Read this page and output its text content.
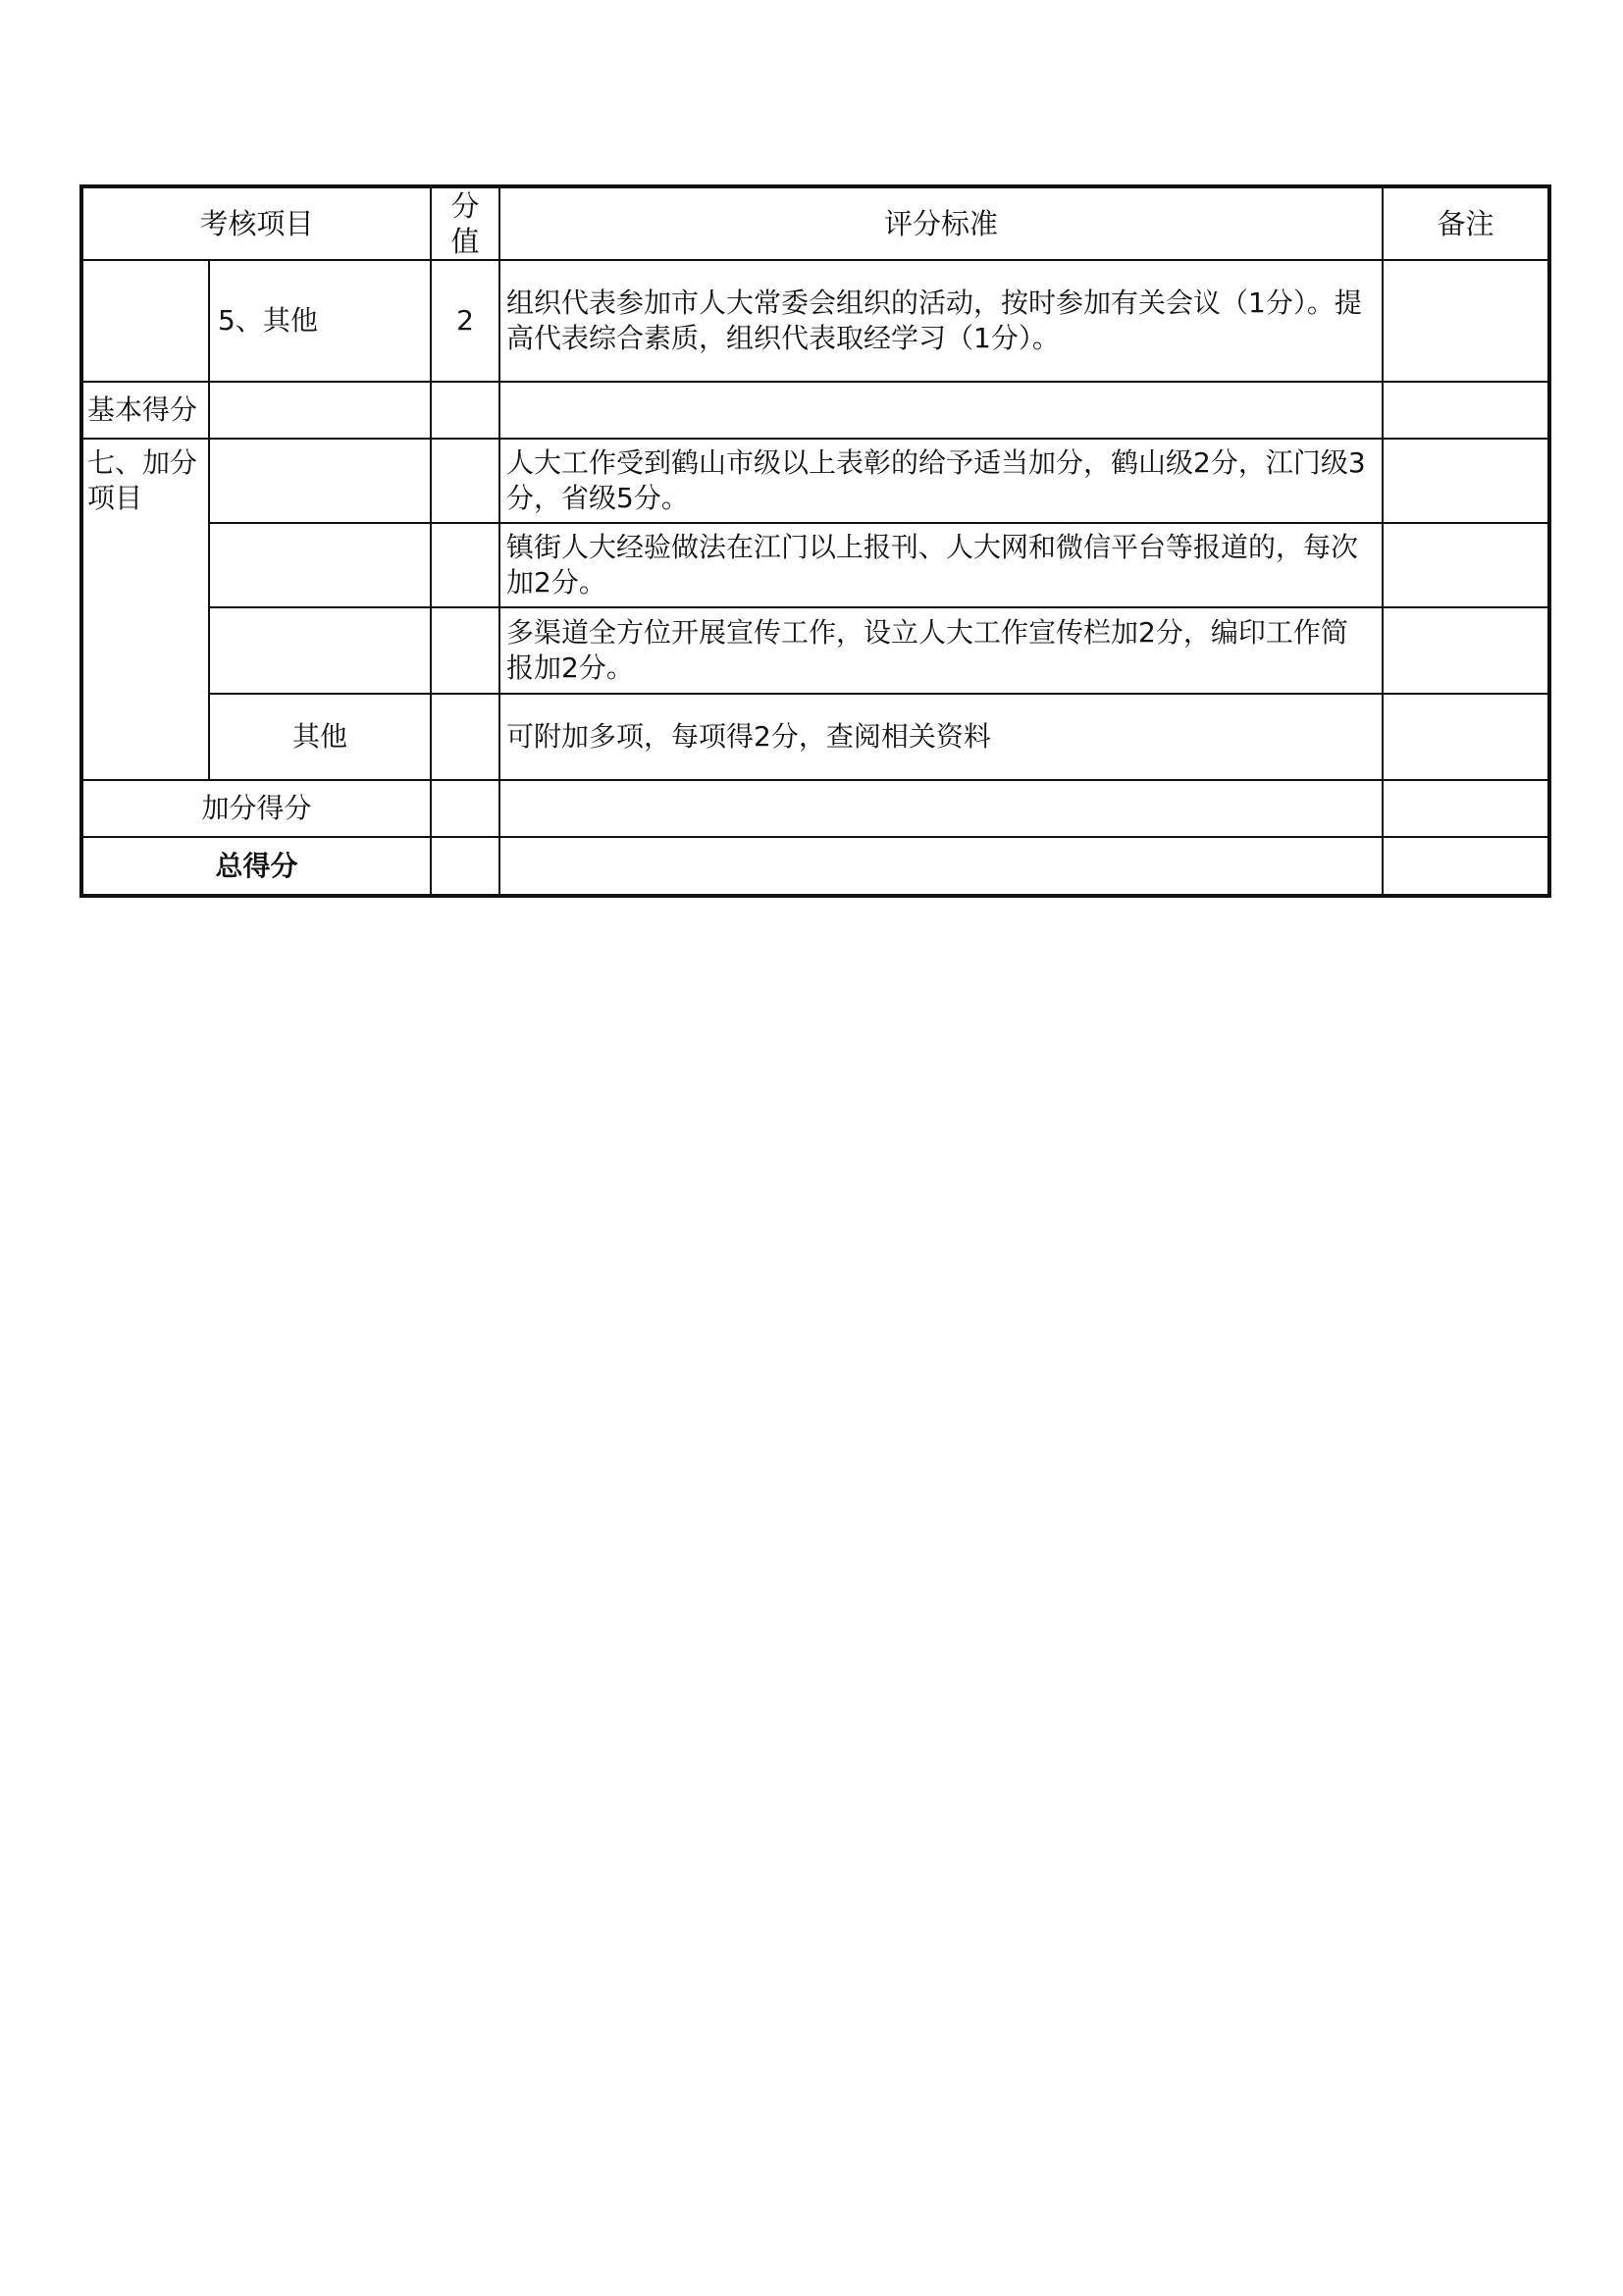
考核项目		分值	评分标准	备注
	5、其他	2	组织代表参加市人大常委会组织的活动，按时参加有关会议（1分）。提高代表综合素质，组织代表取经学习（1分）。	
基本得分				
七、加分项目			人大工作受到鹤山市级以上表彰的给予适当加分，鹤山级2分，江门级3分，省级5分。	
			镇街人大经验做法在江门以上报刊、人大网和微信平台等报道的，每次加2分。	
			多渠道全方位开展宣传工作，设立人大工作宣传栏加2分，编印工作简报加2分。	
	其他		可附加多项，每项得2分，查阅相关资料	
加分得分				
总得分				
